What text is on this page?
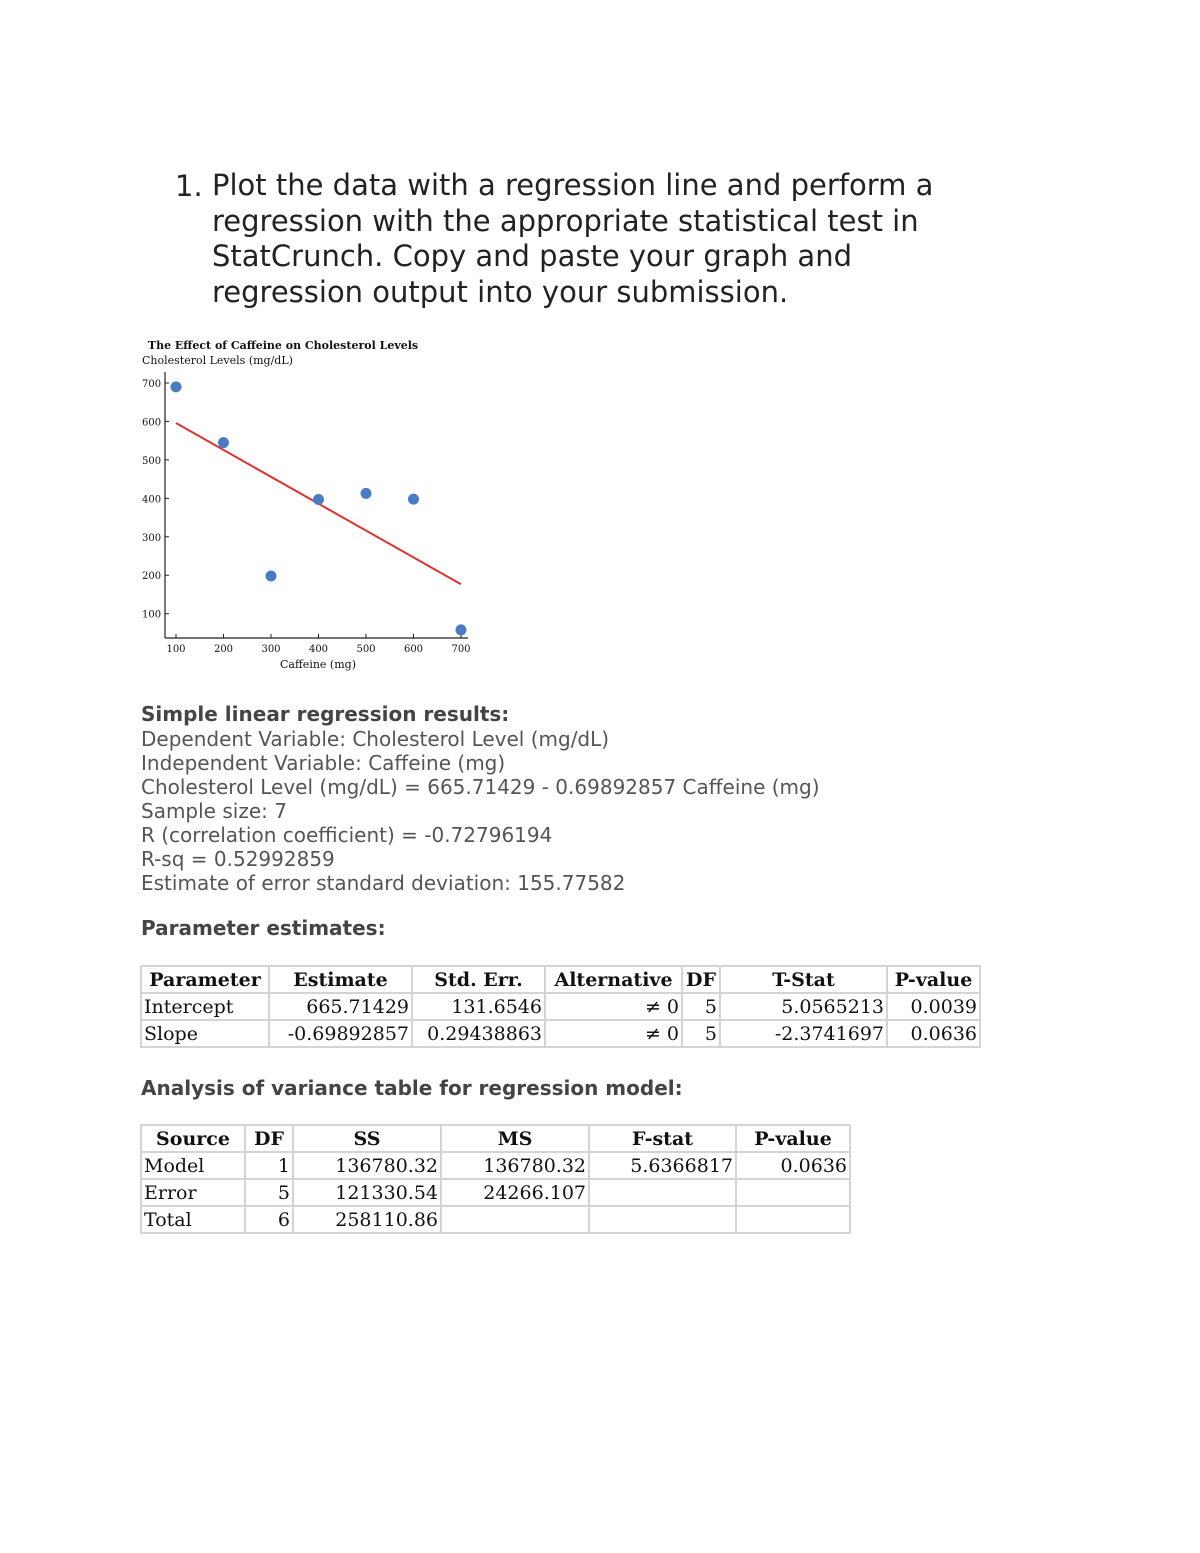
1. Plot the data with a regression line and perform a regression with the appropriate statistical test in StatCrunch. Copy and paste your graph and regression output into your submission.
The Effect of Caffeine on Cholesterol Levels
Cholesterol Levels (mg/dL)
Caffeine (mg)
700
600
500
400
300
200
100
100	200	300	400	500	600	700
Simple linear regression results:
Dependent Variable: Cholesterol Level (mg/dL)
Independent Variable: Caffeine (mg)
Cholesterol Level (mg/dL) = 665.71429 - 0.69892857 Caffeine (mg)
Sample size: 7
R (correlation coefficient) = -0.72796194
R-sq = 0.52992859
Estimate of error standard deviation: 155.77582
Parameter estimates:
Parameter	Estimate	Std. Err.	Alternative	DF	T-Stat	P-value
Intercept	665.71429	131.6546	≠ 0	5	5.0565213	0.0039
Slope	-0.69892857	0.29438863	≠ 0	5	-2.3741697	0.0636
Analysis of variance table for regression model:
Source	DF	SS	MS	F-stat	P-value
Model	1	136780.32	136780.32	5.6366817	0.0636
Error	5	121330.54	24266.107		
Total	6	258110.86			
